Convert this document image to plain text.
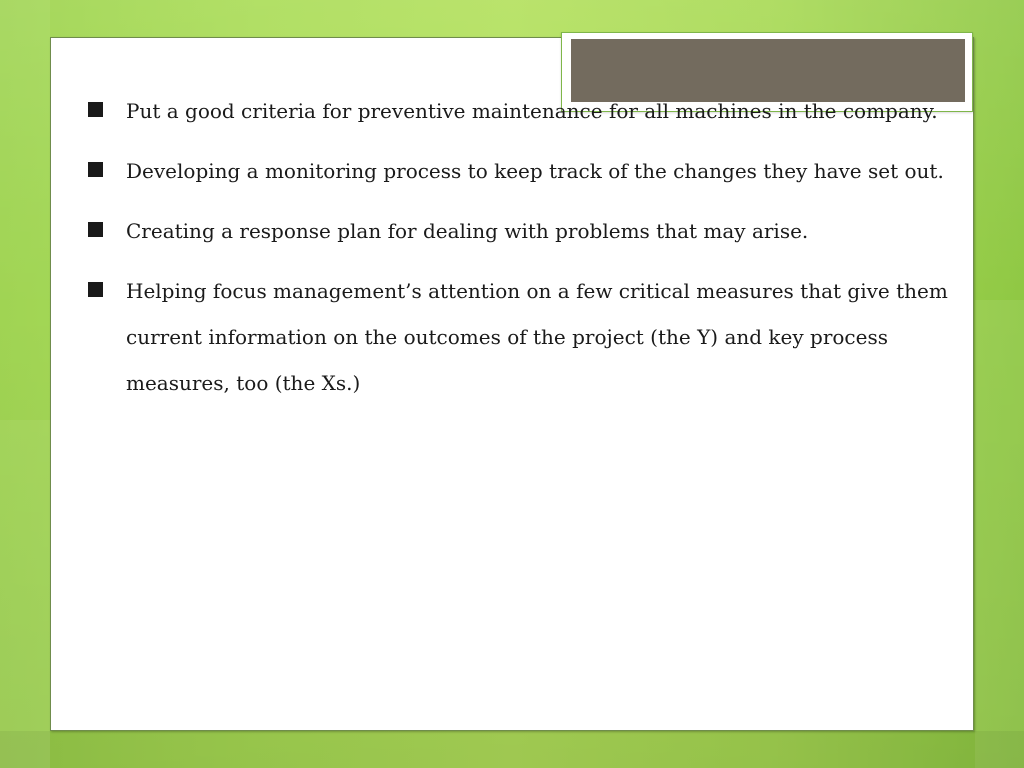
Put a good criteria for preventive maintenance for all machines in the company.
Developing a monitoring process to keep track of the changes they have set out.
Creating a response plan for dealing with problems that may arise.
Helping focus management’s attention on a few critical measures that give them current information on the outcomes of the project (the Y) and key process measures, too (the Xs.)
